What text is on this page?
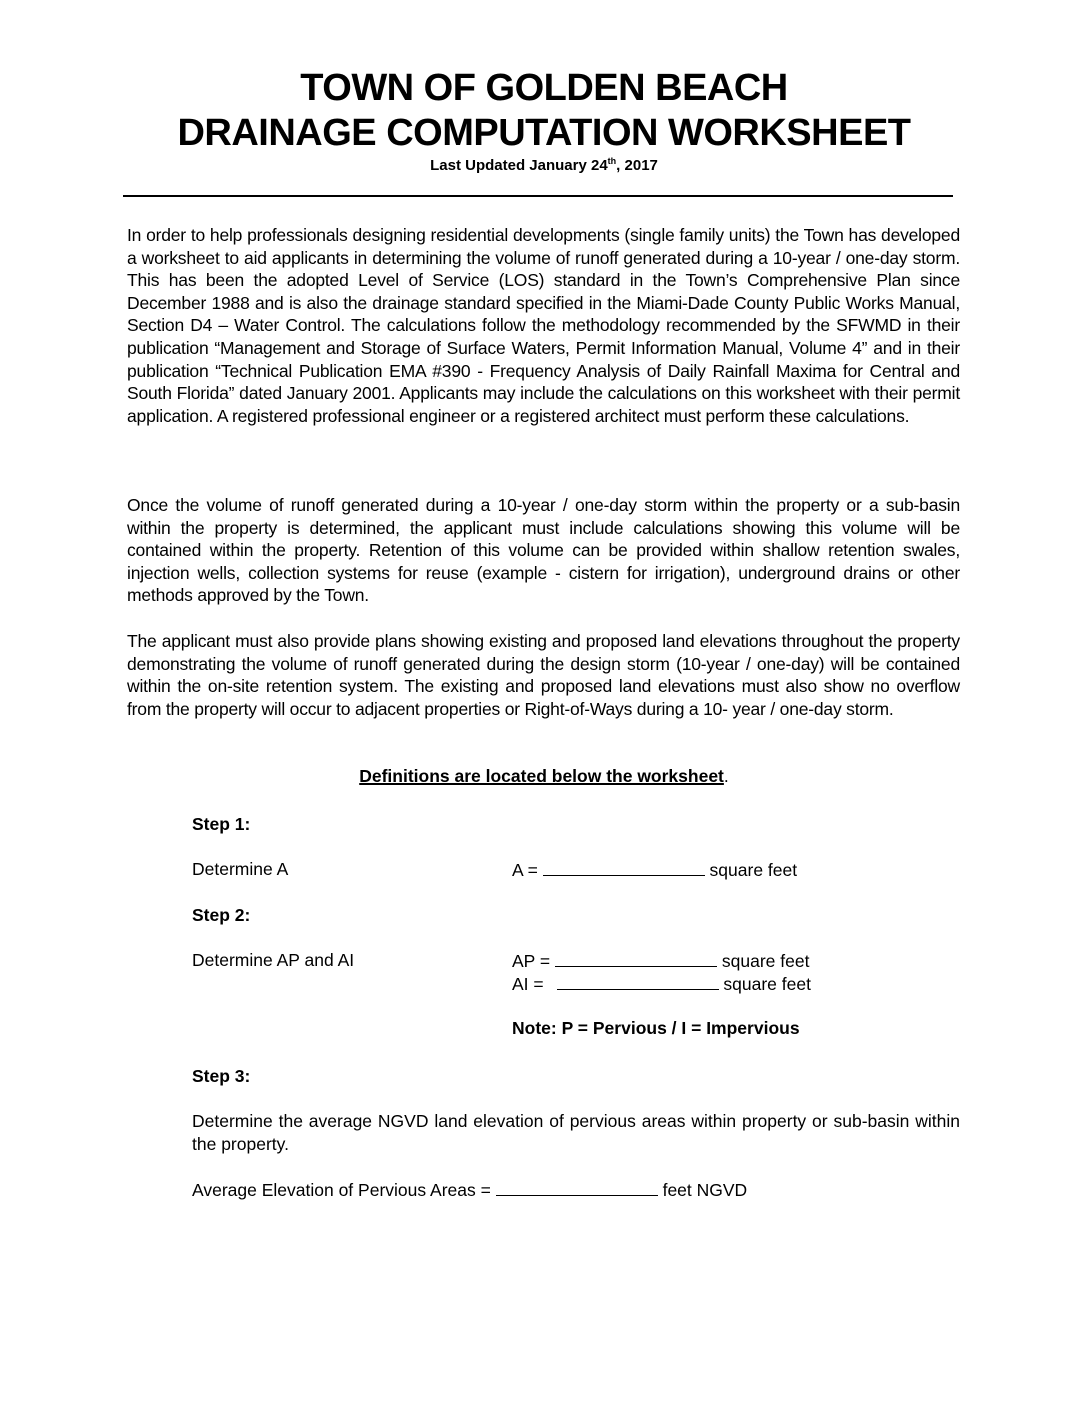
TOWN OF GOLDEN BEACH
DRAINAGE COMPUTATION WORKSHEET
Last Updated January 24th, 2017
In order to help professionals designing residential developments (single family units) the Town has developed a worksheet to aid applicants in determining the volume of runoff generated during a 10-year / one-day storm. This has been the adopted Level of Service (LOS) standard in the Town’s Comprehensive Plan since December 1988 and is also the drainage standard specified in the Miami-Dade County Public Works Manual, Section D4 – Water Control. The calculations follow the methodology recommended by the SFWMD in their publication “Management and Storage of Surface Waters, Permit Information Manual, Volume 4” and in their publication “Technical Publication EMA #390 - Frequency Analysis of Daily Rainfall Maxima for Central and South Florida” dated January 2001. Applicants may include the calculations on this worksheet with their permit application. A registered professional engineer or a registered architect must perform these calculations.
Once the volume of runoff generated during a 10-year / one-day storm within the property or a sub-basin within the property is determined, the applicant must include calculations showing this volume will be contained within the property. Retention of this volume can be provided within shallow retention swales, injection wells, collection systems for reuse (example - cistern for irrigation), underground drains or other methods approved by the Town.
The applicant must also provide plans showing existing and proposed land elevations throughout the property demonstrating the volume of runoff generated during the design storm (10-year / one-day) will be contained within the on-site retention system. The existing and proposed land elevations must also show no overflow from the property will occur to adjacent properties or Right-of-Ways during a 10- year / one-day storm.
Definitions are located below the worksheet.
Step 1:
Determine A	A =	square feet
Step 2:
Determine AP and AI	AP =	square feet
AI =	square feet
Note: P = Pervious / I = Impervious
Step 3:
Determine the average NGVD land elevation of pervious areas within property or sub-basin within the property.
Average Elevation of Pervious Areas =	feet NGVD
